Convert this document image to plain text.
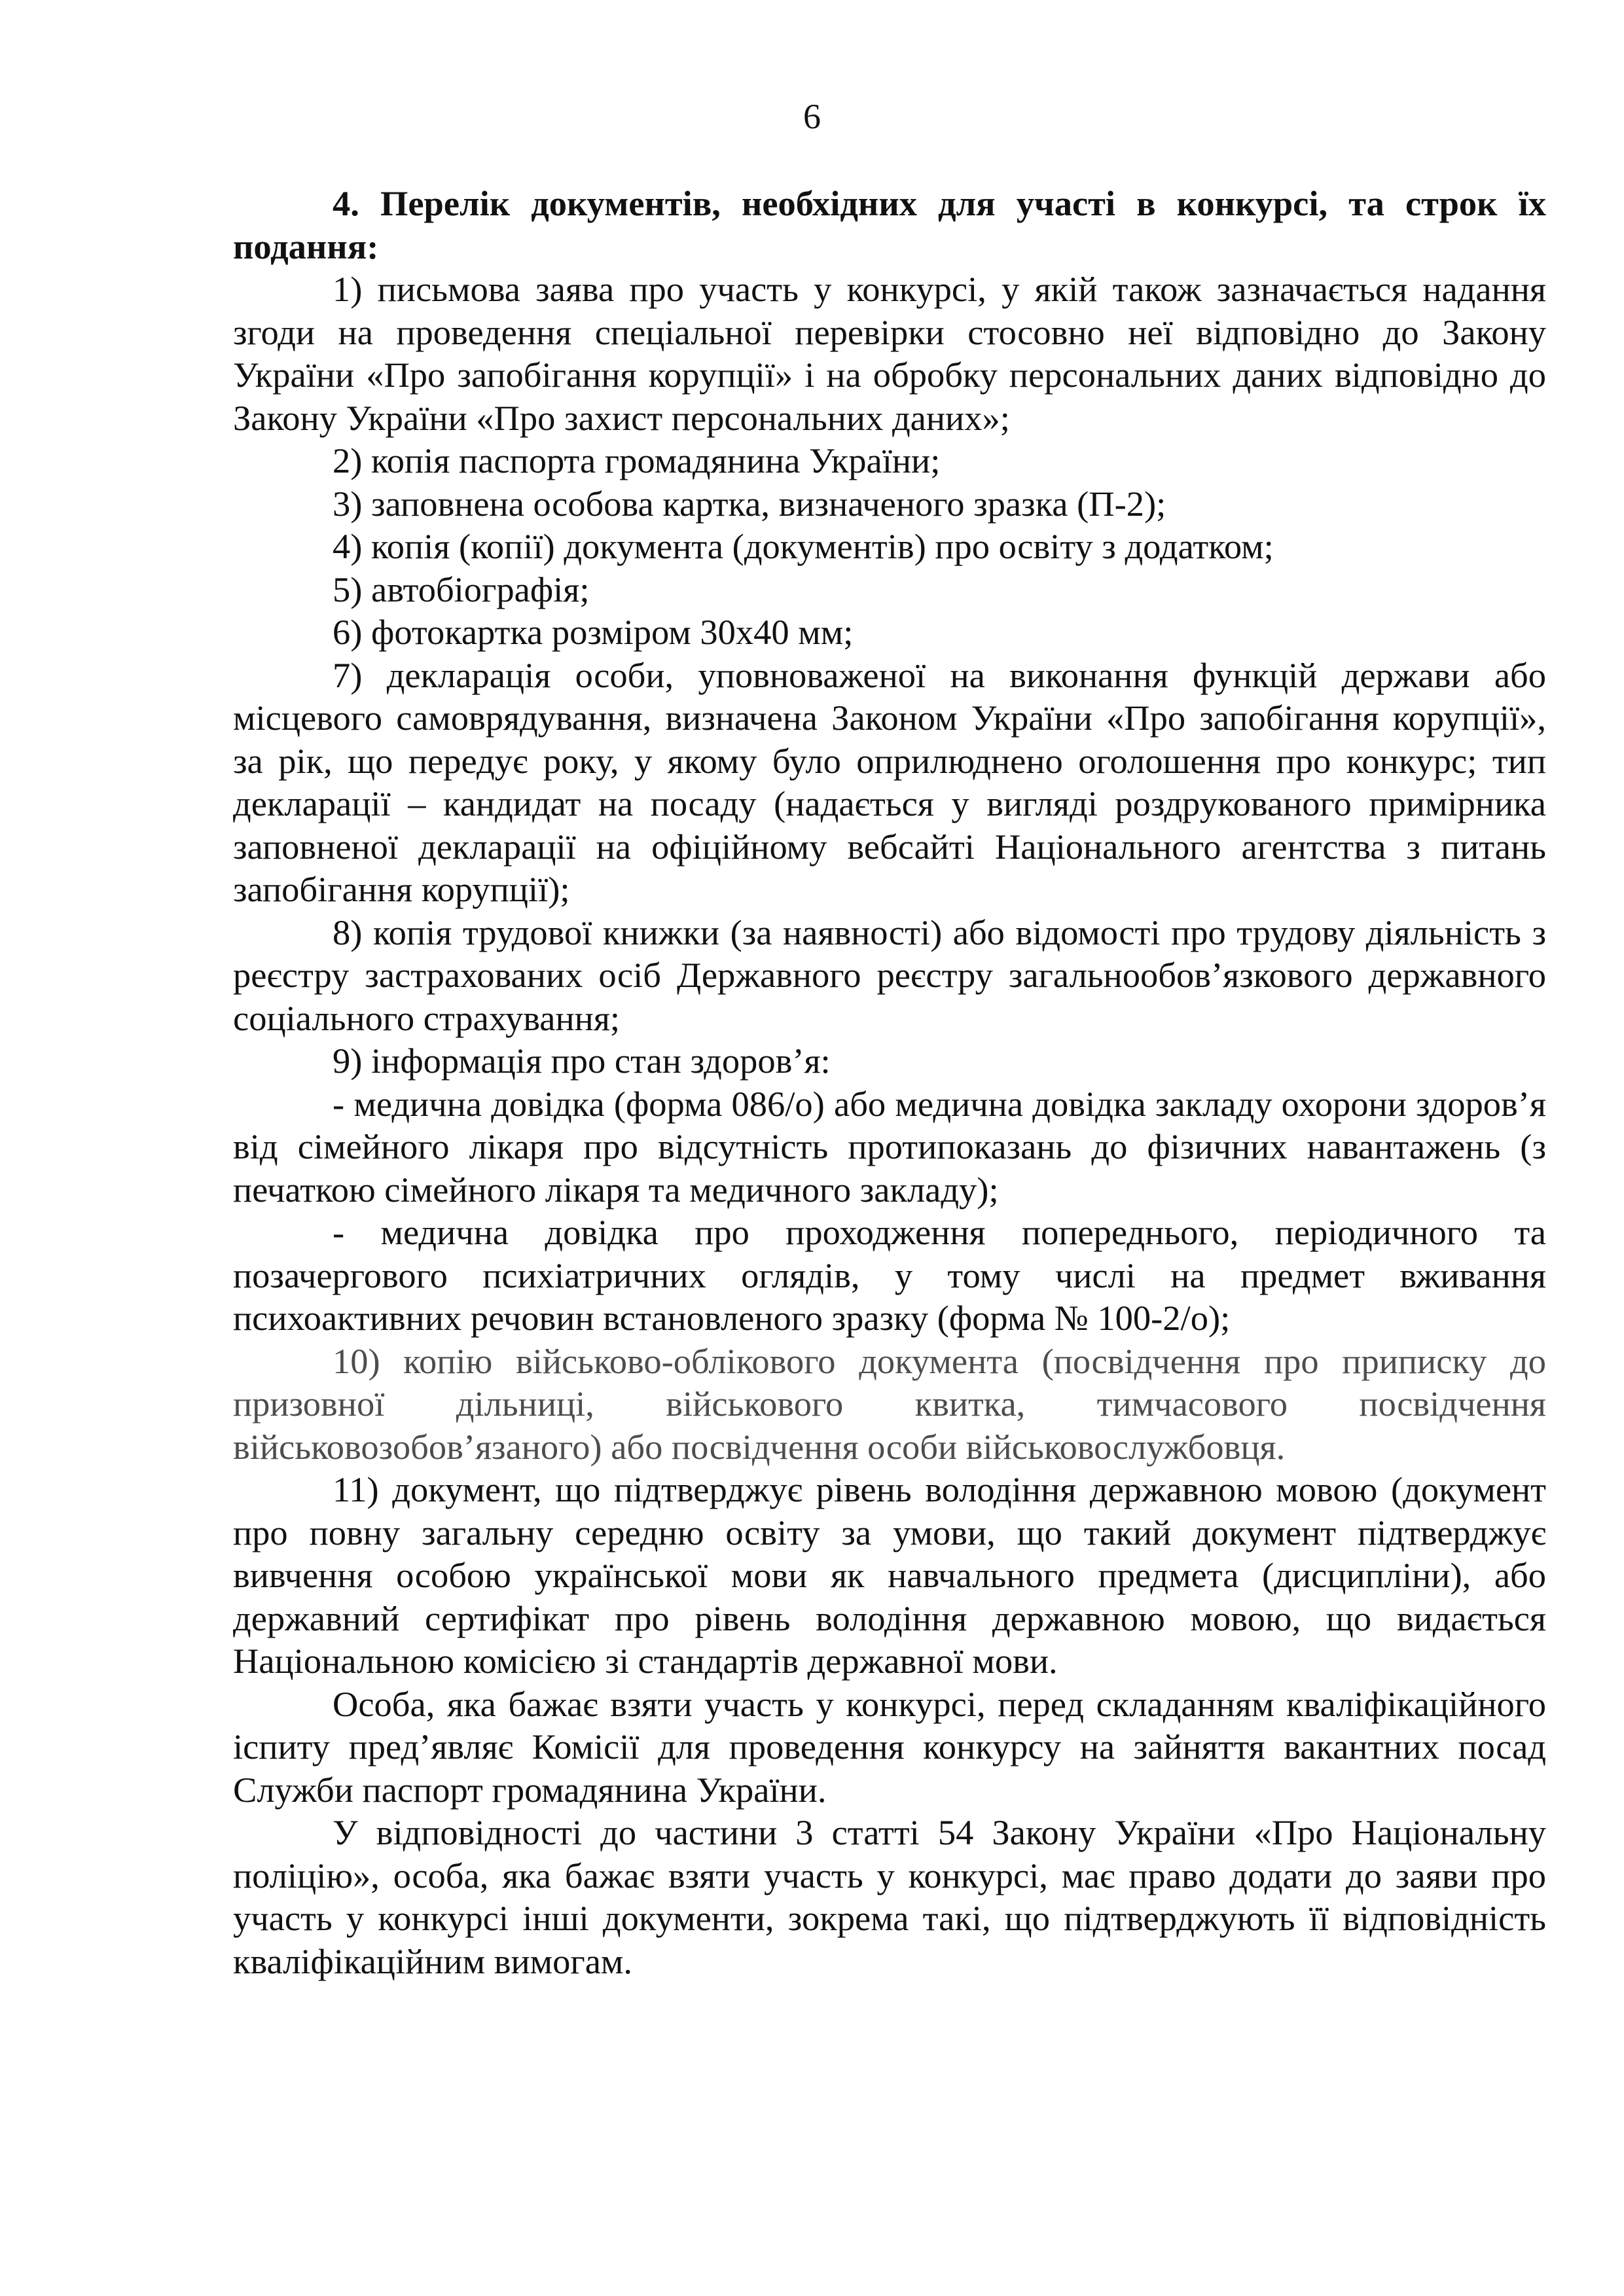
6

4. Перелік документів, необхідних для участі в конкурсі, та строк їх подання:

1) письмова заява про участь у конкурсі, у якій також зазначається надання згоди на проведення спеціальної перевірки стосовно неї відповідно до Закону України «Про запобігання корупції» і на обробку персональних даних відповідно до Закону України «Про захист персональних даних»;

2) копія паспорта громадянина України;

3) заповнена особова картка, визначеного зразка (П-2);

4) копія (копії) документа (документів) про освіту з додатком;

5) автобіографія;

6) фотокартка розміром 30х40 мм;

7) декларація особи, уповноваженої на виконання функцій держави або місцевого самоврядування, визначена Законом України «Про запобігання корупції», за рік, що передує року, у якому було оприлюднено оголошення про конкурс; тип декларації – кандидат на посаду (надається у вигляді роздрукованого примірника заповненої декларації на офіційному вебсайті Національного агентства з питань запобігання корупції);

8) копія трудової книжки (за наявності) або відомості про трудову діяльність з реєстру застрахованих осіб Державного реєстру загальнообов’язкового державного соціального страхування;

9) інформація про стан здоров’я:

- медична довідка (форма 086/о) або медична довідка закладу охорони здоров’я від сімейного лікаря про відсутність протипоказань до фізичних навантажень (з печаткою сімейного лікаря та медичного закладу);

- медична довідка про проходження попереднього, періодичного та позачергового психіатричних оглядів, у тому числі на предмет вживання психоактивних речовин встановленого зразку (форма № 100-2/о);

10) копію військово-облікового документа (посвідчення про приписку до призовної дільниці, військового квитка, тимчасового посвідчення військовозобов’язаного) або посвідчення особи військовослужбовця.

11) документ, що підтверджує рівень володіння державною мовою (документ про повну загальну середню освіту за умови, що такий документ підтверджує вивчення особою української мови як навчального предмета (дисципліни), або державний сертифікат про рівень володіння державною мовою, що видається Національною комісією зі стандартів державної мови.

Особа, яка бажає взяти участь у конкурсі, перед складанням кваліфікаційного іспиту пред’являє Комісії для проведення конкурсу на зайняття вакантних посад Служби паспорт громадянина України.

У відповідності до частини 3 статті 54 Закону України «Про Національну поліцію», особа, яка бажає взяти участь у конкурсі, має право додати до заяви про участь у конкурсі інші документи, зокрема такі, що підтверджують її відповідність кваліфікаційним вимогам.
